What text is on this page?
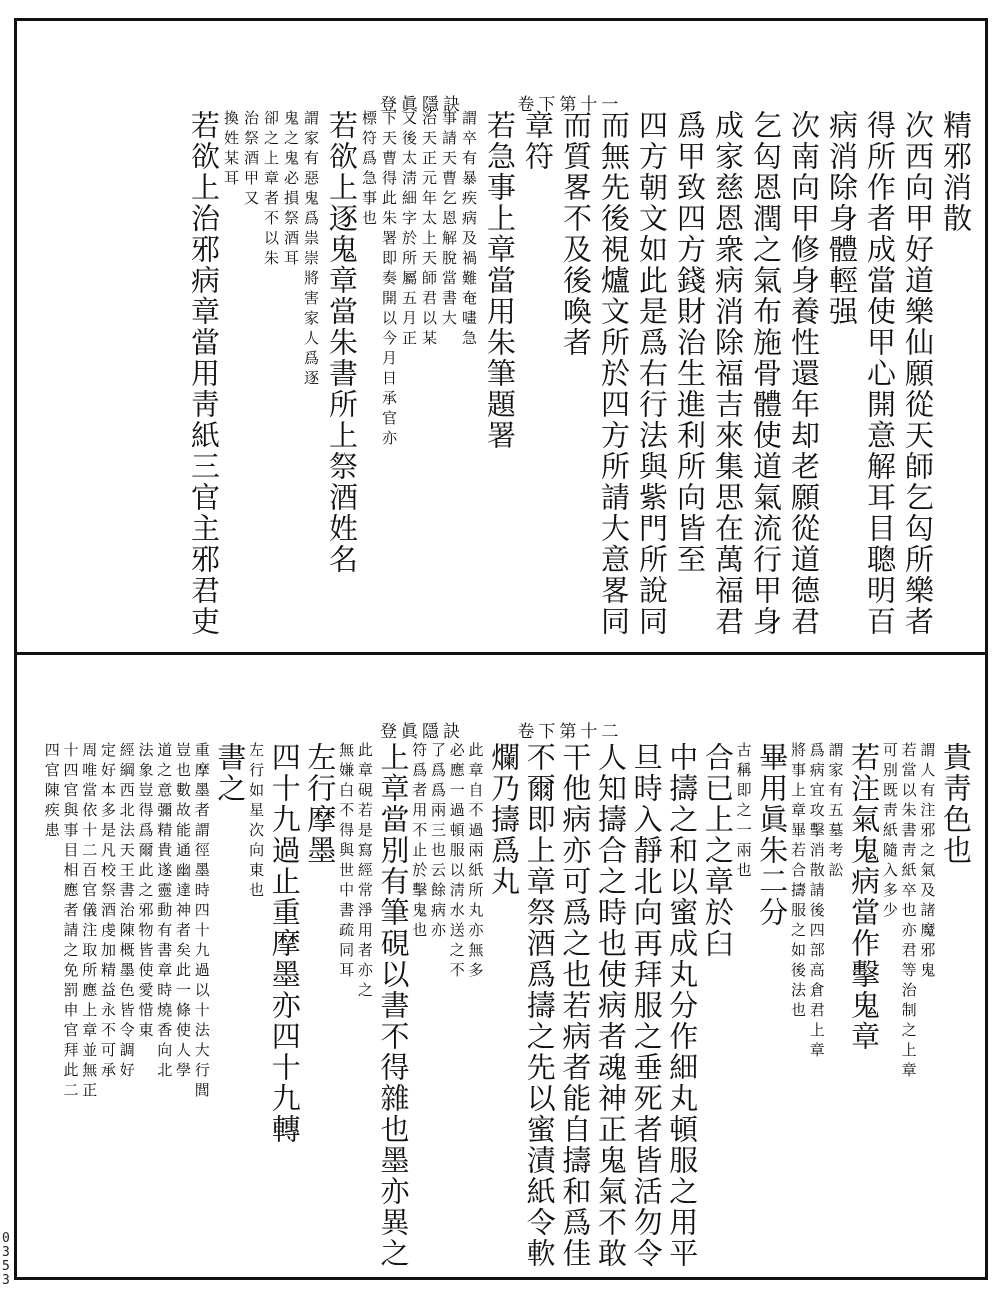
登眞隱訣	卷下第十一
精邪消散
次西向甲好道樂仙願從天師乞匃所樂者
得所作者成當使甲心開意解耳目聰明百
病消除身體輕强
次南向甲修身養性還年却老願從道德君
乞匃恩潤之氣布施骨體使道氣流行甲身
成家慈恩衆病消除福吉來集思在萬福君
爲甲致四方錢財治生進利所向皆至
四方朝文如此是爲右行法與紫門所說同
而無先後視爐文所於四方所請大意畧同
而質畧不及後喚者
章符
若急事上章當用朱筆題署
謂卒有暴疾病及禍難奄㗲急
事請天曹乞恩解脫當書大
治天正元年太上天師君以某
又後太淸細字於所屬五月正
下天曹得此朱署即奏開以今月日承官亦
標符爲急事也
若欲上逐鬼章當朱書所上祭酒姓名
謂家有惡鬼爲祟崇將害家人爲逐
鬼之鬼必損祭酒耳
卻之上章者不以朱
治祭酒甲又
換姓某耳
若欲上治邪病章當用靑紙三官主邪君吏
登眞隱訣	卷下第十二
貴靑色也
謂人有注邪之氣及諸魔邪鬼
若當以朱書靑紙卒也亦君等治制之上章
可別既靑紙隨入多少
若注氣鬼病當作擊鬼章
謂家有五墓考訟
爲病宜攻擊消散請後四部高倉君上章
將事上章畢若合擣服之如後法也
畢用眞朱二分
古稱即之一兩也
合已上之章於臼
中擣之和以蜜成丸分作細丸頓服之用平
旦時入靜北向再拜服之垂死者皆活勿令
人知擣合之時也使病者魂神正鬼氣不敢
干他病亦可爲之也若病者能自擣和爲佳
不爾即上章祭酒爲擣之先以蜜漬紙令軟
爛乃擣爲丸
此章自不過兩紙所丸亦無多
必應一過頓服以淸水送之不
了爲爲兩三也云餘病亦
符爲者用不止於擊鬼也
上章當別有筆硯以書不得雜也墨亦異之
此章硯若是寫經常淨用者亦之
無嫌白不得與世中書疏同耳
左行摩墨
四十九過止重摩墨亦四十九轉
左行如星次向東也
書之
重摩墨者謂徑墨時四十九過以十法大行閭
豈也數故能通幽達神者矣此一條使人學
道之意彌精貴遂靈動有書章時燒香向北
法象豈得爲爾此之邪物皆使愛惜東
經綱西北法天王書治陳概墨色皆令調好
定好本多是凡校祭酒虔加精益永不可承
周唯當依十二百官儀注取所應上章並無正
十四官與事目相應者請之免罰申官拜此二
四官陳疾患
0
3
5
3
